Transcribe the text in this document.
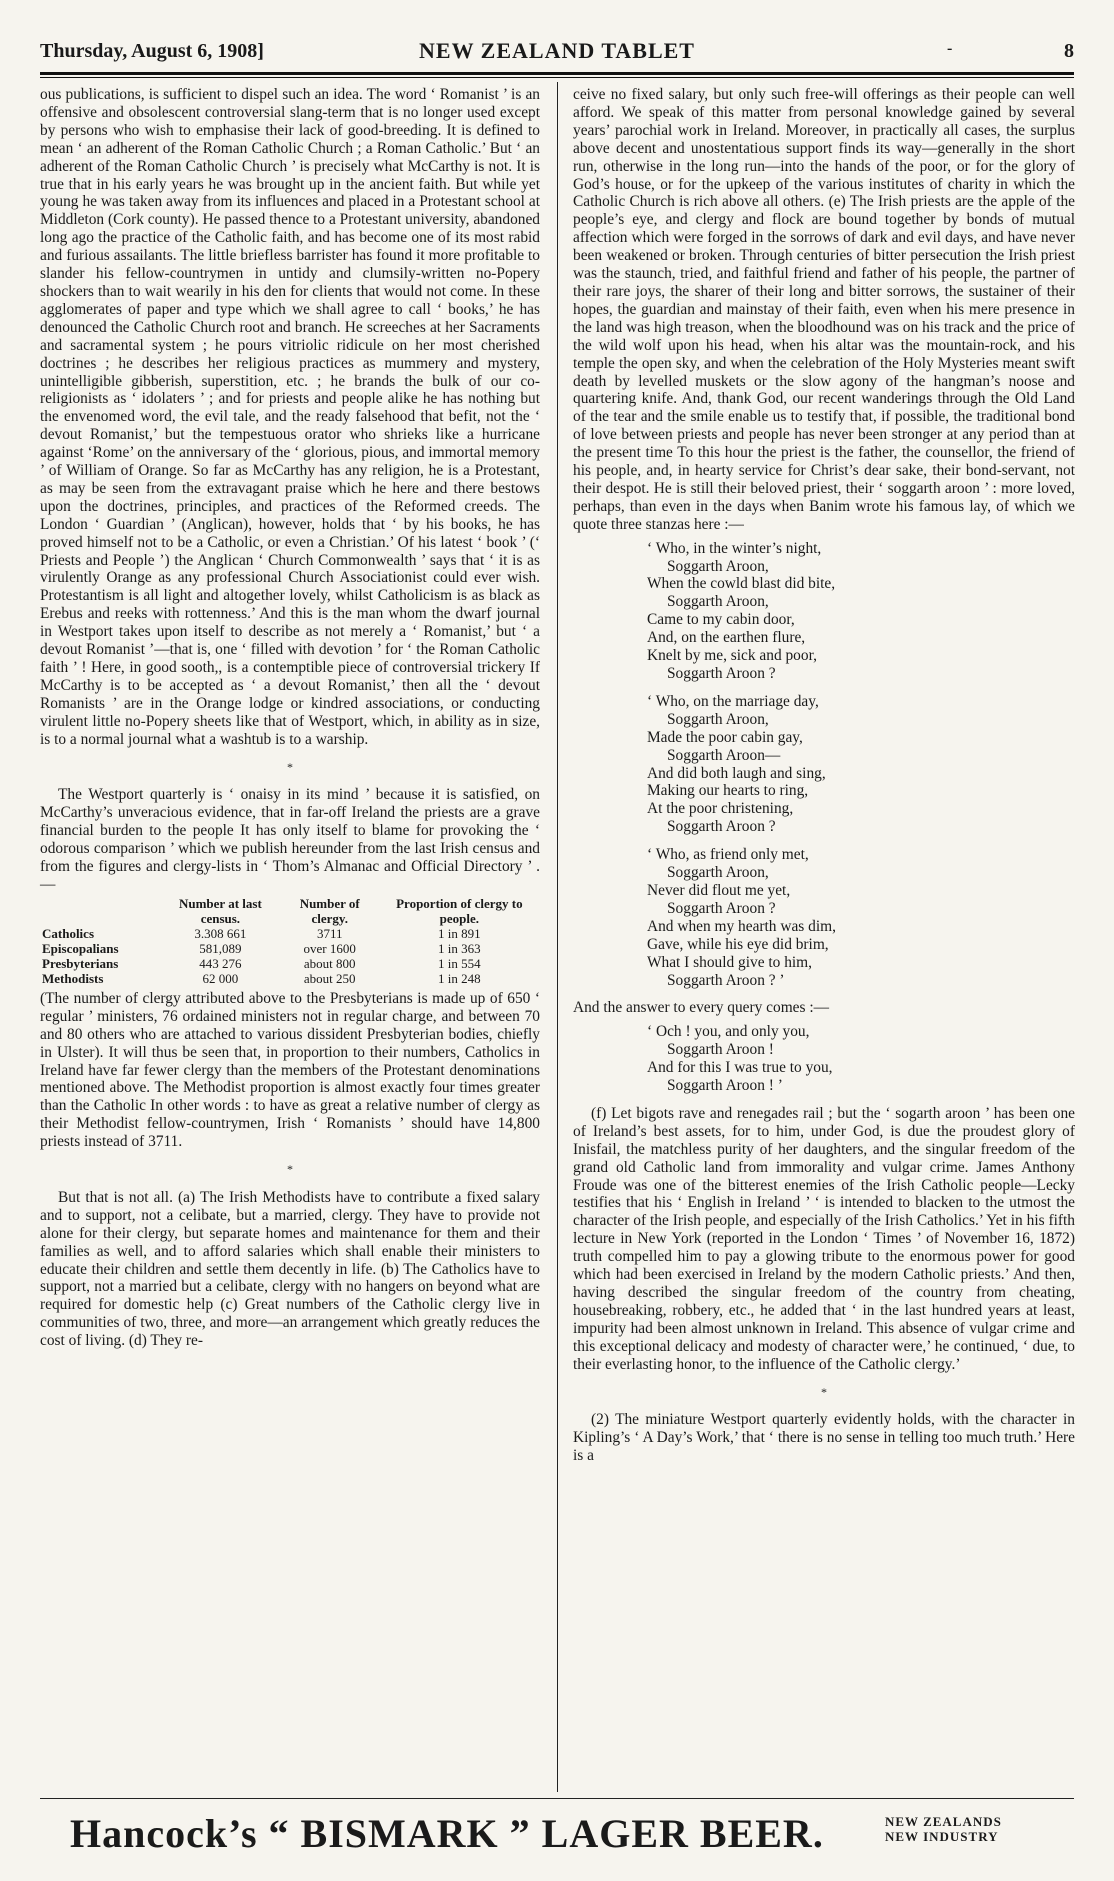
Thursday, August 6, 1908]	NEW ZEALAND TABLET	-	8

ous publications, is sufficient to dispel such an idea. The word ‘ Romanist ’ is an offensive and obsolescent controversial slang-term that is no longer used except by persons who wish to emphasise their lack of good-breeding. It is defined to mean ‘ an adherent of the Roman Catholic Church ; a Roman Catholic.’ But ‘ an adherent of the Roman Catholic Church ’ is precisely what McCarthy is not. It is true that in his early years he was brought up in the ancient faith. But while yet young he was taken away from its influences and placed in a Protestant school at Middleton (Cork county). He passed thence to a Protestant university, abandoned long ago the practice of the Catholic faith, and has become one of its most rabid and furious assailants. The little briefless barrister has found it more profitable to slander his fellow-countrymen in untidy and clumsily-written no-Popery shockers than to wait wearily in his den for clients that would not come. In these agglomerates of paper and type which we shall agree to call ‘ books,’ he has denounced the Catholic Church root and branch. He screeches at her Sacraments and sacramental system ; he pours vitriolic ridicule on her most cherished doctrines ; he describes her religious practices as mummery and mystery, unintelligible gibberish, superstition, etc. ; he brands the bulk of our co-religionists as ‘ idolaters ’ ; and for priests and people alike he has nothing but the envenomed word, the evil tale, and the ready falsehood that befit, not the ‘ devout Romanist,’ but the tempestuous orator who shrieks like a hurricane against ‘Rome’ on the anniversary of the ‘ glorious, pious, and immortal memory ’ of William of Orange. So far as McCarthy has any religion, he is a Protestant, as may be seen from the extravagant praise which he here and there bestows upon the doctrines, principles, and practices of the Reformed creeds. The London ‘ Guardian ’ (Anglican), however, holds that ‘ by his books, he has proved himself not to be a Catholic, or even a Christian.’ Of his latest ‘ book ’ (‘ Priests and People ’) the Anglican ‘ Church Commonwealth ’ says that ‘ it is as virulently Orange as any professional Church Associationist could ever wish. Protestantism is all light and altogether lovely, whilst Catholicism is as black as Erebus and reeks with rottenness.’ And this is the man whom the dwarf journal in Westport takes upon itself to describe as not merely a ‘ Romanist,’ but ‘ a devout Romanist ’—that is, one ‘ filled with devotion ’ for ‘ the Roman Catholic faith ’ ! Here, in good sooth,, is a contemptible piece of controversial trickery If McCarthy is to be accepted as ‘ a devout Romanist,’ then all the ‘ devout Romanists ’ are in the Orange lodge or kindred associations, or conducting virulent little no-Popery sheets like that of Westport, which, in ability as in size, is to a normal journal what a washtub is to a warship.

*

The Westport quarterly is ‘ onaisy in its mind ’ because it is satisfied, on McCarthy’s unveracious evidence, that in far-off Ireland the priests are a grave financial burden to the people It has only itself to blame for provoking the ‘ odorous comparison ’ which we publish hereunder from the last Irish census and from the figures and clergy-lists in ‘ Thom’s Almanac and Official Directory ’ .—

	Number at last census.	Number of clergy.	Proportion of clergy to people.
Catholics	3.308 661	3711	1 in 891
Episcopalians	581,089	over 1600	1 in 363
Presbyterians	443 276	about 800	1 in 554
Methodists	62 000	about 250	1 in 248

(The number of clergy attributed above to the Presbyterians is made up of 650 ‘ regular ’ ministers, 76 ordained ministers not in regular charge, and between 70 and 80 others who are attached to various dissident Presbyterian bodies, chiefly in Ulster). It will thus be seen that, in proportion to their numbers, Catholics in Ireland have far fewer clergy than the members of the Protestant denominations mentioned above. The Methodist proportion is almost exactly four times greater than the Catholic In other words : to have as great a relative number of clergy as their Methodist fellow-countrymen, Irish ‘ Romanists ’ should have 14,800 priests instead of 3711.

*

But that is not all. (a) The Irish Methodists have to contribute a fixed salary and to support, not a celibate, but a married, clergy. They have to provide not alone for their clergy, but separate homes and maintenance for them and their families as well, and to afford salaries which shall enable their ministers to educate their children and settle them decently in life. (b) The Catholics have to support, not a married but a celibate, clergy with no hangers on beyond what are required for domestic help (c) Great numbers of the Catholic clergy live in communities of two, three, and more—an arrangement which greatly reduces the cost of living. (d) They re-

ceive no fixed salary, but only such free-will offerings as their people can well afford. We speak of this matter from personal knowledge gained by several years’ parochial work in Ireland. Moreover, in practically all cases, the surplus above decent and unostentatious support finds its way—generally in the short run, otherwise in the long run—into the hands of the poor, or for the glory of God’s house, or for the upkeep of the various institutes of charity in which the Catholic Church is rich above all others. (e) The Irish priests are the apple of the people’s eye, and clergy and flock are bound together by bonds of mutual affection which were forged in the sorrows of dark and evil days, and have never been weakened or broken. Through centuries of bitter persecution the Irish priest was the staunch, tried, and faithful friend and father of his people, the partner of their rare joys, the sharer of their long and bitter sorrows, the sustainer of their hopes, the guardian and mainstay of their faith, even when his mere presence in the land was high treason, when the bloodhound was on his track and the price of the wild wolf upon his head, when his altar was the mountain-rock, and his temple the open sky, and when the celebration of the Holy Mysteries meant swift death by levelled muskets or the slow agony of the hangman’s noose and quartering knife. And, thank God, our recent wanderings through the Old Land of the tear and the smile enable us to testify that, if possible, the traditional bond of love between priests and people has never been stronger at any period than at the present time To this hour the priest is the father, the counsellor, the friend of his people, and, in hearty service for Christ’s dear sake, their bond-servant, not their despot. He is still their beloved priest, their ‘ soggarth aroon ’ : more loved, perhaps, than even in the days when Banim wrote his famous lay, of which we quote three stanzas here :—

‘ Who, in the winter’s night,
Soggarth Aroon,
When the cowld blast did bite,
Soggarth Aroon,
Came to my cabin door,
And, on the earthen flure,
Knelt by me, sick and poor,
Soggarth Aroon ?
‘ Who, on the marriage day,
Soggarth Aroon,
Made the poor cabin gay,
Soggarth Aroon—
And did both laugh and sing,
Making our hearts to ring,
At the poor christening,
Soggarth Aroon ?
‘ Who, as friend only met,
Soggarth Aroon,
Never did flout me yet,
Soggarth Aroon ?
And when my hearth was dim,
Gave, while his eye did brim,
What I should give to him,
Soggarth Aroon ? ’

And the answer to every query comes :—

‘ Och ! you, and only you,
Soggarth Aroon !
And for this I was true to you,
Soggarth Aroon ! ’

(f) Let bigots rave and renegades rail ; but the ‘ sogarth aroon ’ has been one of Ireland’s best assets, for to him, under God, is due the proudest glory of Inisfail, the matchless purity of her daughters, and the singular freedom of the grand old Catholic land from immorality and vulgar crime. James Anthony Froude was one of the bitterest enemies of the Irish Catholic people—Lecky testifies that his ‘ English in Ireland ’ ‘ is intended to blacken to the utmost the character of the Irish people, and especially of the Irish Catholics.’ Yet in his fifth lecture in New York (reported in the London ‘ Times ’ of November 16, 1872) truth compelled him to pay a glowing tribute to the enormous power for good which had been exercised in Ireland by the modern Catholic priests.’ And then, having described the singular freedom of the country from cheating, housebreaking, robbery, etc., he added that ‘ in the last hundred years at least, impurity had been almost unknown in Ireland. This absence of vulgar crime and this exceptional delicacy and modesty of character were,’ he continued, ‘ due, to their everlasting honor, to the influence of the Catholic clergy.’

*

(2) The miniature Westport quarterly evidently holds, with the character in Kipling’s ‘ A Day’s Work,’ that ‘ there is no sense in telling too much truth.’ Here is a

Hancock’s “ BISMARK ” LAGER BEER.	NEW ZEALANDS
NEW INDUSTRY
